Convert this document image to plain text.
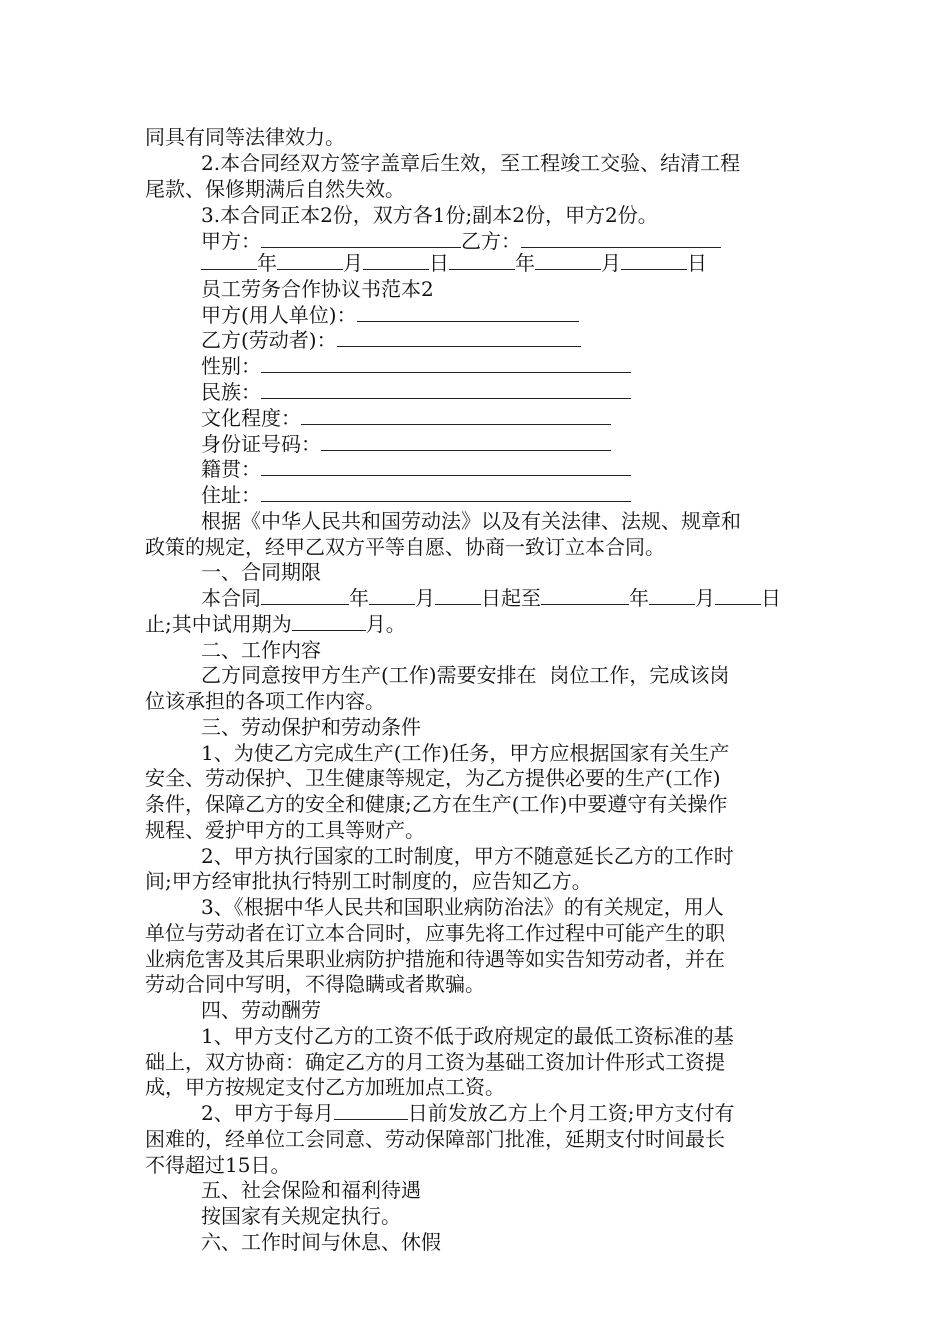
同具有同等法律效力。
2.本合同经双方签字盖章后生效，至工程竣工交验、结清工程
尾款、保修期满后自然失效。
3.本合同正本2份，双方各1份;副本2份，甲方2份。
甲方：	乙方：
年	月	日	年	月	日
员工劳务合作协议书范本2
甲方(用人单位)：
乙方(劳动者)：
性别：
民族：
文化程度：
身份证号码：
籍贯：
住址：
根据《中华人民共和国劳动法》以及有关法律、法规、规章和
政策的规定，经甲乙双方平等自愿、协商一致订立本合同。
一、合同期限
本合同	年 月 日起至	年 月 日
止;其中试用期为	月。
二、工作内容
乙方同意按甲方生产(工作)需要安排在  岗位工作，完成该岗
位该承担的各项工作内容。
三、劳动保护和劳动条件
1、为使乙方完成生产(工作)任务，甲方应根据国家有关生产
安全、劳动保护、卫生健康等规定，为乙方提供必要的生产(工作)
条件，保障乙方的安全和健康;乙方在生产(工作)中要遵守有关操作
规程、爱护甲方的工具等财产。
2、甲方执行国家的工时制度，甲方不随意延长乙方的工作时
间;甲方经审批执行特别工时制度的，应告知乙方。
3、《根据中华人民共和国职业病防治法》的有关规定，用人
单位与劳动者在订立本合同时，应事先将工作过程中可能产生的职
业病危害及其后果职业病防护措施和待遇等如实告知劳动者，并在
劳动合同中写明，不得隐瞒或者欺骗。
四、劳动酬劳
1、甲方支付乙方的工资不低于政府规定的最低工资标准的基
础上，双方协商：确定乙方的月工资为基础工资加计件形式工资提
成，甲方按规定支付乙方加班加点工资。
2、甲方于每月	日前发放乙方上个月工资;甲方支付有
困难的，经单位工会同意、劳动保障部门批准，延期支付时间最长
不得超过15日。
五、社会保险和福利待遇
按国家有关规定执行。
六、工作时间与休息、休假
